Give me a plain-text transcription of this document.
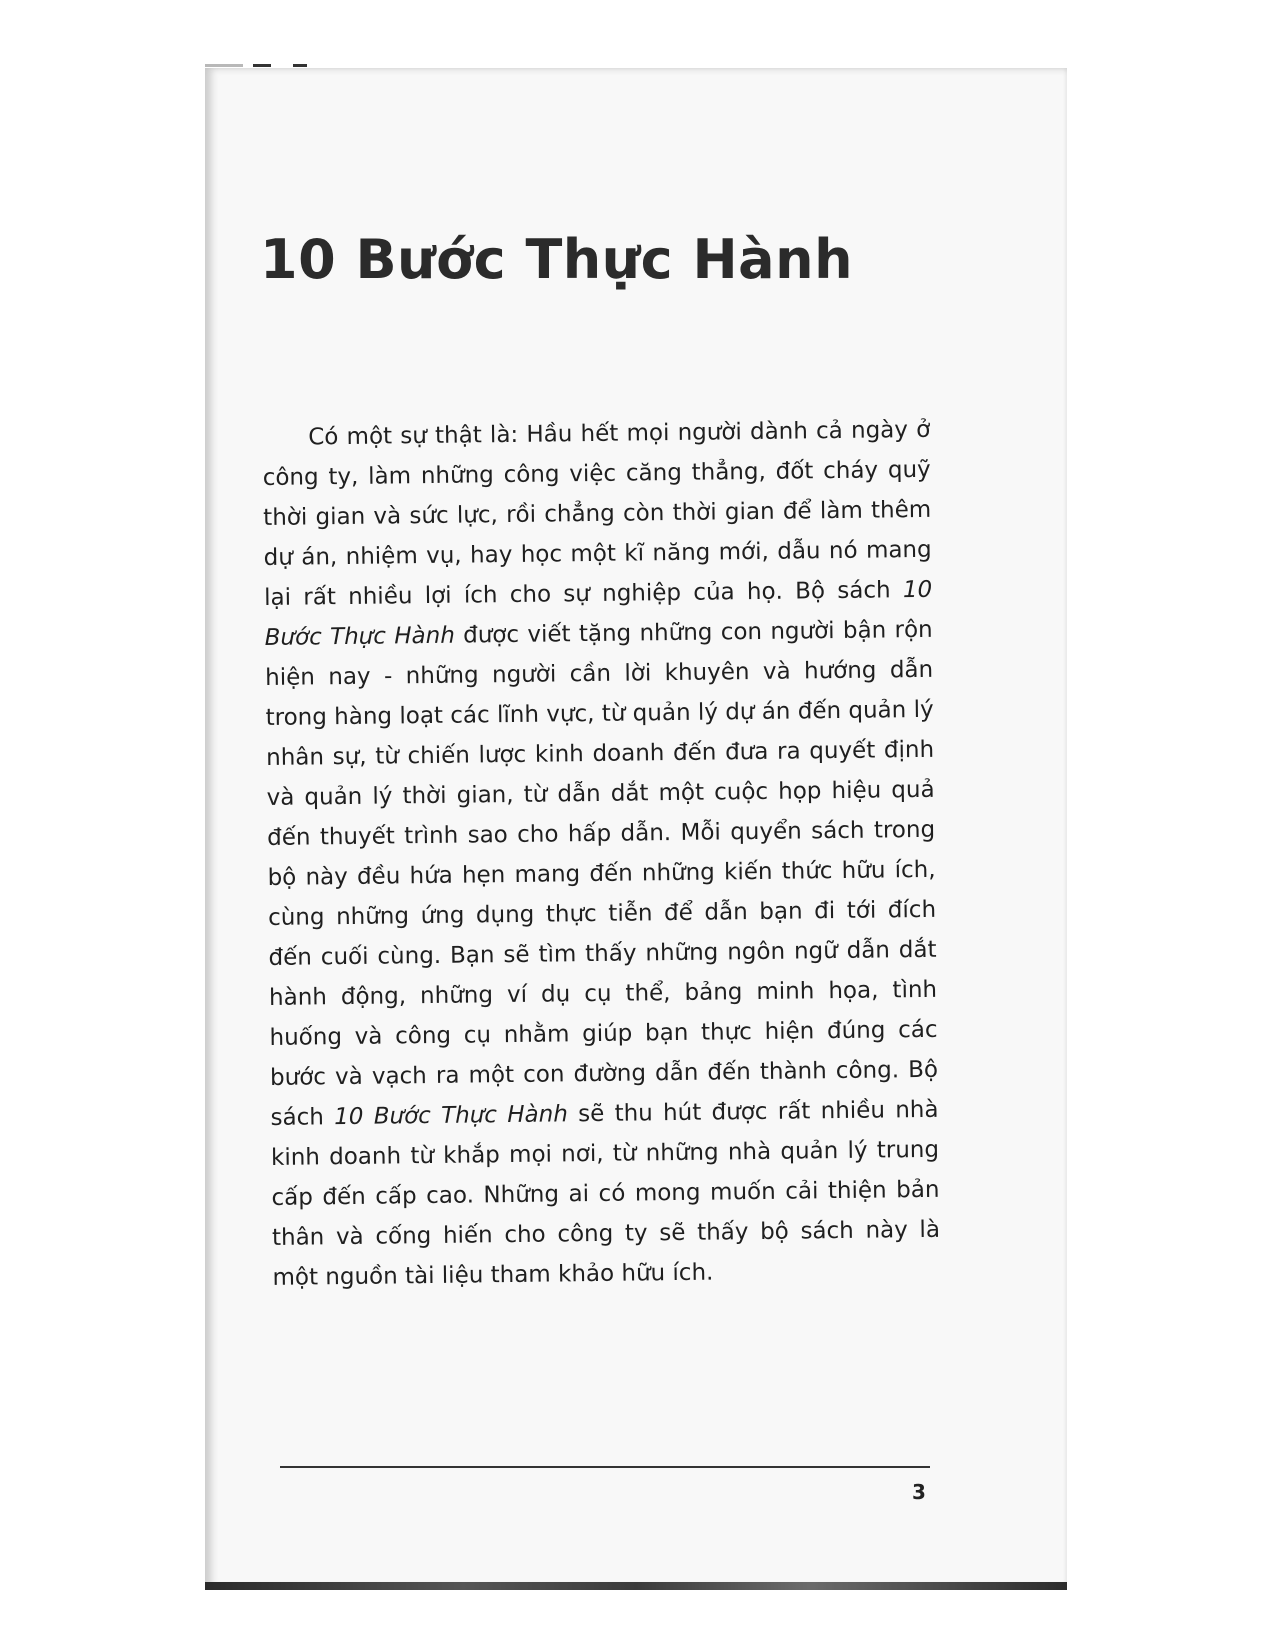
10 Bước Thực Hành

Có một sự thật là: Hầu hết mọi người dành cả ngày ở công ty, làm những công việc căng thẳng, đốt cháy quỹ thời gian và sức lực, rồi chẳng còn thời gian để làm thêm dự án, nhiệm vụ, hay học một kĩ năng mới, dẫu nó mang lại rất nhiều lợi ích cho sự nghiệp của họ. Bộ sách 10 Bước Thực Hành được viết tặng những con người bận rộn hiện nay - những người cần lời khuyên và hướng dẫn trong hàng loạt các lĩnh vực, từ quản lý dự án đến quản lý nhân sự, từ chiến lược kinh doanh đến đưa ra quyết định và quản lý thời gian, từ dẫn dắt một cuộc họp hiệu quả đến thuyết trình sao cho hấp dẫn. Mỗi quyển sách trong bộ này đều hứa hẹn mang đến những kiến thức hữu ích, cùng những ứng dụng thực tiễn để dẫn bạn đi tới đích đến cuối cùng. Bạn sẽ tìm thấy những ngôn ngữ dẫn dắt hành động, những ví dụ cụ thể, bảng minh họa, tình huống và công cụ nhằm giúp bạn thực hiện đúng các bước và vạch ra một con đường dẫn đến thành công. Bộ sách 10 Bước Thực Hành sẽ thu hút được rất nhiều nhà kinh doanh từ khắp mọi nơi, từ những nhà quản lý trung cấp đến cấp cao. Những ai có mong muốn cải thiện bản thân và cống hiến cho công ty sẽ thấy bộ sách này là một nguồn tài liệu tham khảo hữu ích.

3
